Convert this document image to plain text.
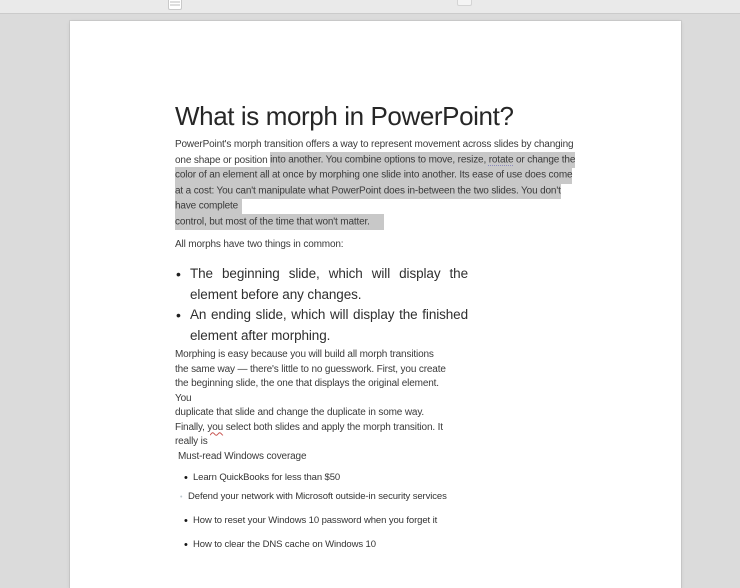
What is morph in PowerPoint?
PowerPoint's morph transition offers a way to represent movement across slides by changing
one shape or position into another. You combine options to move, resize, rotate or change the
color of an element all at once by morphing one slide into another. Its ease of use does come
at a cost: You can't manipulate what PowerPoint does in-between the two slides. You don't
have complete
control, but most of the time that won't matter.
All morphs have two things in common:
• The beginning slide, which will display the element before any changes.
• An ending slide, which will display the finished element after morphing.
Morphing is easy because you will build all morph transitions
the same way — there's little to no guesswork. First, you create
the beginning slide, the one that displays the original element.
You
duplicate that slide and change the duplicate in some way.
Finally, you select both slides and apply the morph transition. It
really is
Must-read Windows coverage
• Learn QuickBooks for less than $50
• Defend your network with Microsoft outside-in security services
• How to reset your Windows 10 password when you forget it
• How to clear the DNS cache on Windows 10
